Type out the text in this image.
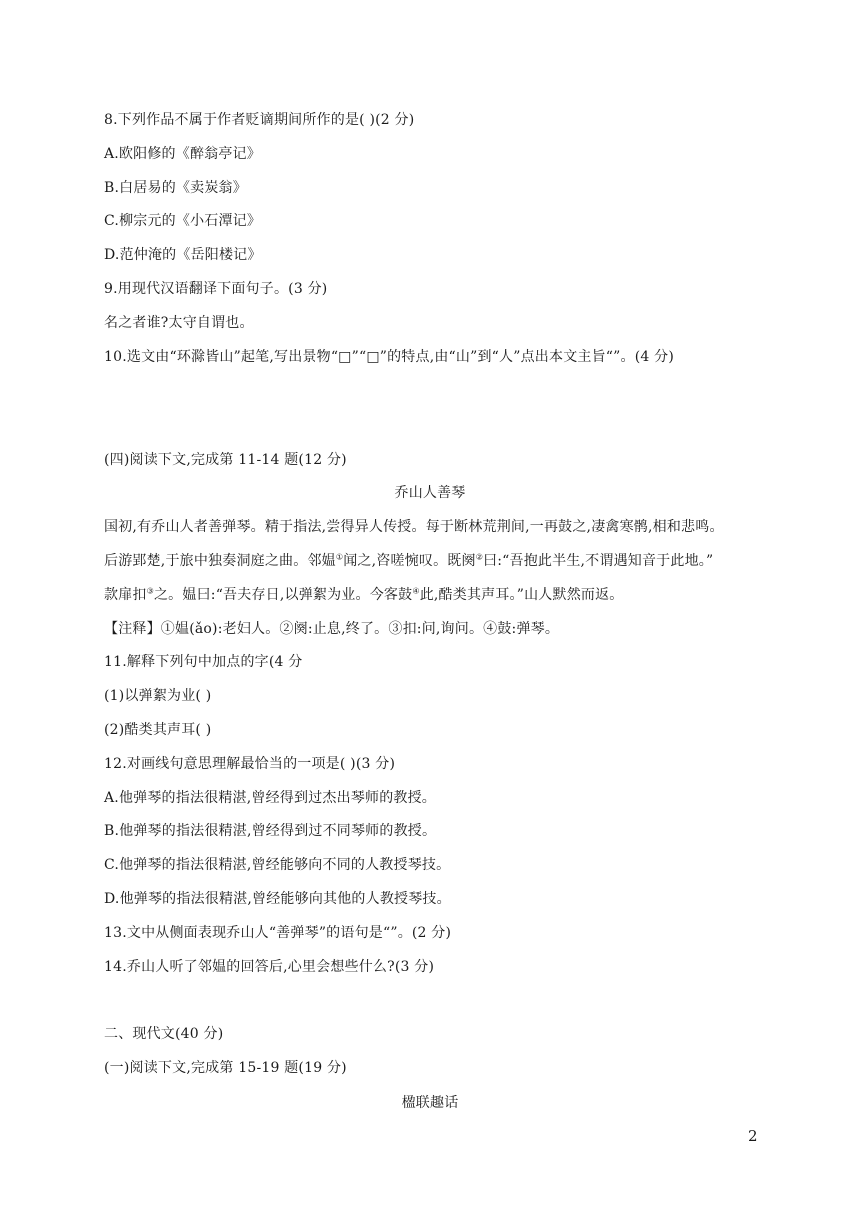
8.下列作品不属于作者贬谪期间所作的是( )(2 分)
A.欧阳修的《醉翁亭记》
B.白居易的《卖炭翁》
C.柳宗元的《小石潭记》
D.范仲淹的《岳阳楼记》
9.用现代汉语翻译下面句子。(3 分)
名之者谁?太守自谓也。
10.选文由“环滁皆山”起笔,写出景物“□”“□”的特点,由“山”到“人”点出本文主旨“”。(4 分)
(四)阅读下文,完成第 11-14 题(12 分)
乔山人善琴
国初,有乔山人者善弹琴。精于指法,尝得异人传授。每于断林荒荆间,一再鼓之,凄禽寒鹘,相和悲鸣。
后游郢楚,于旅中独奏洞庭之曲。邻媪①闻之,咨嗟惋叹。既阕②曰:“吾抱此半生,不谓遇知音于此地。”
款扉扣③之。媪曰:“吾夫存日,以弹絮为业。今客鼓④此,酷类其声耳。”山人默然而返。
【注释】①媪(ǎo):老妇人。②阕:止息,终了。③扣:问,询问。④鼓:弹琴。
11.解释下列句中加点的字(4 分
(1)以弹絮为业( )
(2)酷类其声耳( )
12.对画线句意思理解最恰当的一项是( )(3 分)
A.他弹琴的指法很精湛,曾经得到过杰出琴师的教授。
B.他弹琴的指法很精湛,曾经得到过不同琴师的教授。
C.他弹琴的指法很精湛,曾经能够向不同的人教授琴技。
D.他弹琴的指法很精湛,曾经能够向其他的人教授琴技。
13.文中从侧面表现乔山人“善弹琴”的语句是“”。(2 分)
14.乔山人听了邻媪的回答后,心里会想些什么?(3 分)
二、现代文(40 分)
(一)阅读下文,完成第 15-19 题(19 分)
楹联趣话
2
